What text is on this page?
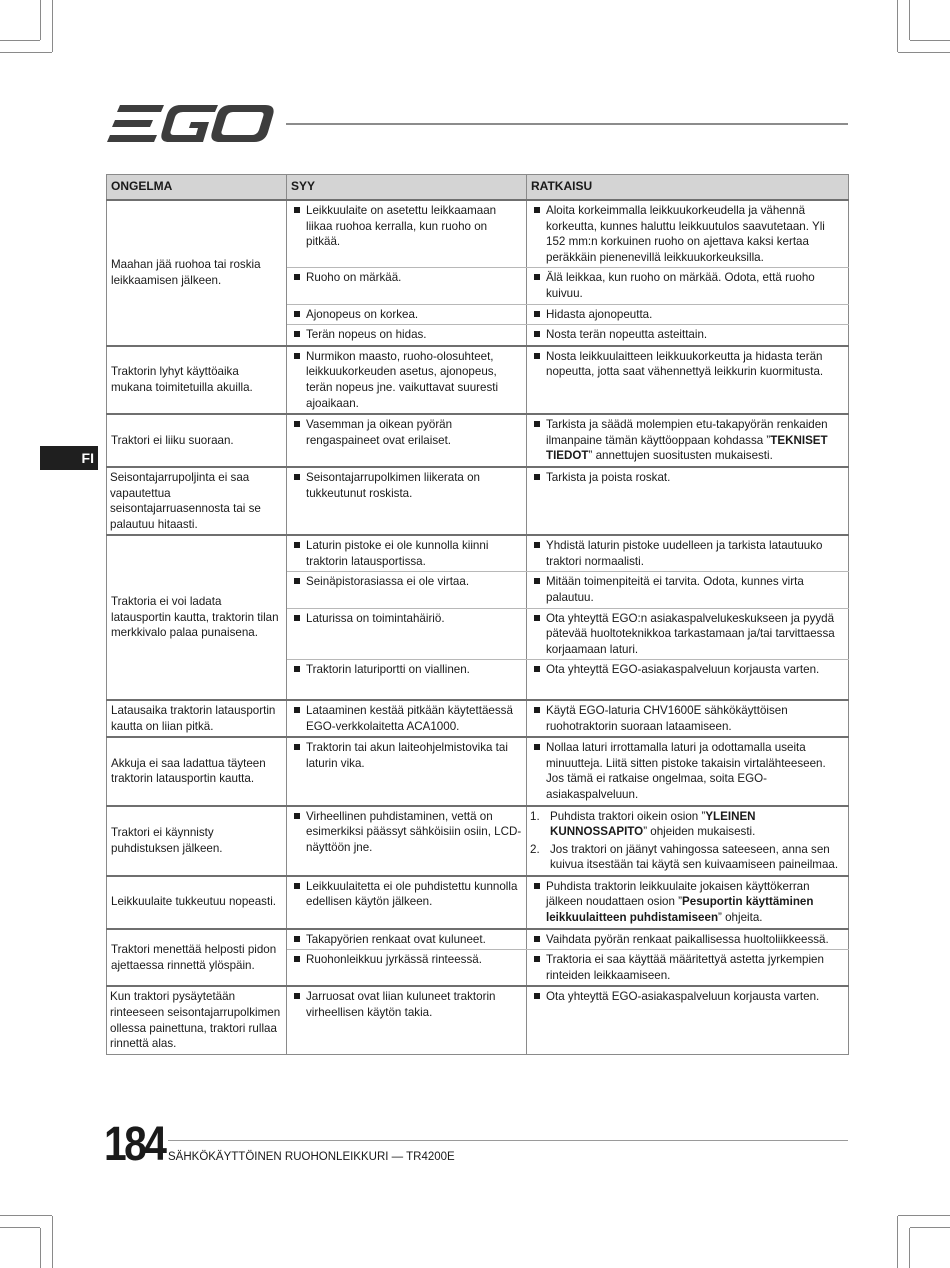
FI
ONGELMA	SYY	RATKAISU
Maahan jää ruohoa tai roskia leikkaamisen jälkeen.	Leikkuulaite on asetettu leikkaamaan liikaa ruohoa kerralla, kun ruoho on pitkää.	Aloita korkeimmalla leikkuukorkeudella ja vähennä korkeutta, kunnes haluttu leikkuutulos saavutetaan. Yli 152 mm:n korkuinen ruoho on ajettava kaksi kertaa peräkkäin pienenevillä leikkuukorkeuksilla.

	Ruoho on märkää.	Älä leikkaa, kun ruoho on märkää. Odota, että ruoho kuivuu.

	Ajonopeus on korkea.	Hidasta ajonopeutta.

	Terän nopeus on hidas.	Nosta terän nopeutta asteittain.

Traktorin lyhyt käyttöaika mukana toimitetuilla akuilla.	Nurmikon maasto, ruoho-olosuhteet, leikkuukorkeuden asetus, ajonopeus, terän nopeus jne. vaikuttavat suuresti ajoaikaan.	Nosta leikkuulaitteen leikkuukorkeutta ja hidasta terän nopeutta, jotta saat vähennettyä leikkurin kuormitusta.

Traktori ei liiku suoraan.	Vasemman ja oikean pyörän rengaspaineet ovat erilaiset.	Tarkista ja säädä molempien etu-takapyörän renkaiden ilmanpaine tämän käyttöoppaan kohdassa ”TEKNISET TIEDOT” annettujen suositusten mukaisesti.

Seisontajarrupoljinta ei saa vapautettua seisontajarruasennosta tai se palautuu hitaasti.	Seisontajarrupolkimen liikerata on tukkeutunut roskista.	Tarkista ja poista roskat.

Traktoria ei voi ladata latausportin kautta, traktorin tilan merkkivalo palaa punaisena.	Laturin pistoke ei ole kunnolla kiinni traktorin latausportissa.	Yhdistä laturin pistoke uudelleen ja tarkista latautuuko traktori normaalisti.

	Seinäpistorasiassa ei ole virtaa.	Mitään toimenpiteitä ei tarvita. Odota, kunnes virta palautuu.

	Laturissa on toimintahäiriö.	Ota yhteyttä EGO:n asiakaspalvelukeskukseen ja pyydä pätevää huoltoteknikkoa tarkastamaan ja/tai tarvittaessa korjaamaan laturi.

	Traktorin laturiportti on viallinen.	Ota yhteyttä EGO-asiakaspalveluun korjausta varten.

Latausaika traktorin latausportin kautta on liian pitkä.	Lataaminen kestää pitkään käytettäessä EGO-verkkolaitetta ACA1000.	Käytä EGO-laturia CHV1600E sähkökäyttöisen ruohotraktorin suoraan lataamiseen.

Akkuja ei saa ladattua täyteen traktorin latausportin kautta.	Traktorin tai akun laiteohjelmistovika tai laturin vika.	Nollaa laturi irrottamalla laturi ja odottamalla useita minuutteja. Liitä sitten pistoke takaisin virtalähteeseen. Jos tämä ei ratkaise ongelmaa, soita EGO-asiakaspalveluun.

Traktori ei käynnisty puhdistuksen jälkeen.	Virheellinen puhdistaminen, vettä on esimerkiksi päässyt sähköisiin osiin, LCD-näyttöön jne.	1. Puhdista traktori oikein osion ”YLEINEN KUNNOSSAPITO” ohjeiden mukaisesti.
2. Jos traktori on jäänyt vahingossa sateeseen, anna sen kuivua itsestään tai käytä sen kuivaamiseen paineilmaa.

Leikkuulaite tukkeutuu nopeasti.	Leikkuulaitetta ei ole puhdistettu kunnolla edellisen käytön jälkeen.	Puhdista traktorin leikkuulaite jokaisen käyttökerran jälkeen noudattaen osion ”Pesuportin käyttäminen leikkuulaitteen puhdistamiseen” ohjeita.

Traktori menettää helposti pidon ajettaessa rinnettä ylöspäin.	Takapyörien renkaat ovat kuluneet.	Vaihdata pyörän renkaat paikallisessa huoltoliikkeessä.

	Ruohonleikkuu jyrkässä rinteessä.	Traktoria ei saa käyttää määritettyä astetta jyrkempien rinteiden leikkaamiseen.

Kun traktori pysäytetään rinteeseen seisontajarrupolkimen ollessa painettuna, traktori rullaa rinnettä alas.	Jarruosat ovat liian kuluneet traktorin virheellisen käytön takia.	Ota yhteyttä EGO-asiakaspalveluun korjausta varten.
184 SÄHKÖKÄYTTÖINEN RUOHONLEIKKURI — TR4200E
